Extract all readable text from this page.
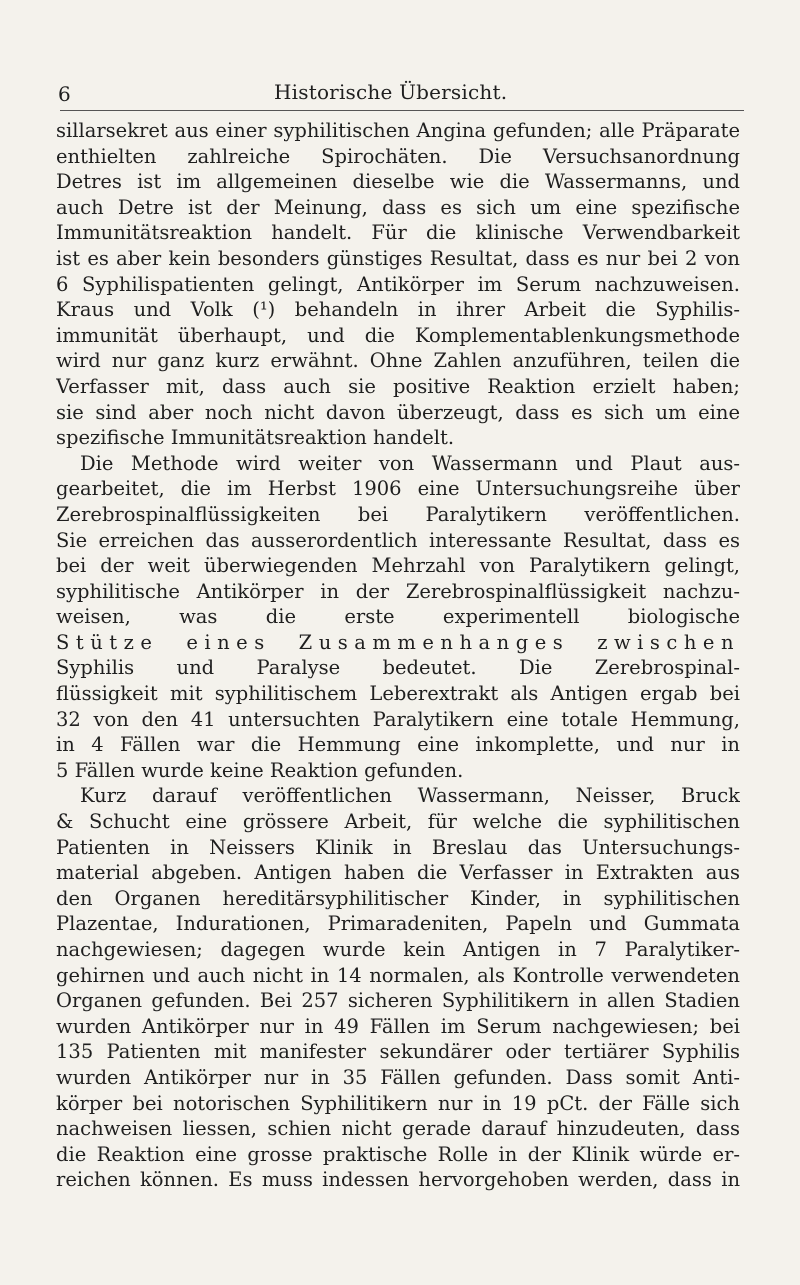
6	Historische Übersicht.
sillarsekret aus einer syphilitischen Angina gefunden; alle Präparate
enthielten zahlreiche Spirochäten. Die Versuchsanordnung
Detres ist im allgemeinen dieselbe wie die Wassermanns, und
auch Detre ist der Meinung, dass es sich um eine spezifische
Immunitätsreaktion handelt. Für die klinische Verwendbarkeit
ist es aber kein besonders günstiges Resultat, dass es nur bei 2 von
6 Syphilispatienten gelingt, Antikörper im Serum nachzuweisen.
Kraus und Volk (¹) behandeln in ihrer Arbeit die Syphilis-
immunität überhaupt, und die Komplementablenkungsmethode
wird nur ganz kurz erwähnt. Ohne Zahlen anzuführen, teilen die
Verfasser mit, dass auch sie positive Reaktion erzielt haben;
sie sind aber noch nicht davon überzeugt, dass es sich um eine
spezifische Immunitätsreaktion handelt.
Die Methode wird weiter von Wassermann und Plaut aus-
gearbeitet, die im Herbst 1906 eine Untersuchungsreihe über
Zerebrospinalflüssigkeiten bei Paralytikern veröffentlichen.
Sie erreichen das ausserordentlich interessante Resultat, dass es
bei der weit überwiegenden Mehrzahl von Paralytikern gelingt,
syphilitische Antikörper in der Zerebrospinalflüssigkeit nachzu-
weisen, was die erste experimentell biologische
Stütze eines Zusammenhanges zwischen
Syphilis und Paralyse bedeutet. Die Zerebrospinal-
flüssigkeit mit syphilitischem Leberextrakt als Antigen ergab bei
32 von den 41 untersuchten Paralytikern eine totale Hemmung,
in 4 Fällen war die Hemmung eine inkomplette, und nur in
5 Fällen wurde keine Reaktion gefunden.
Kurz darauf veröffentlichen Wassermann, Neisser, Bruck
& Schucht eine grössere Arbeit, für welche die syphilitischen
Patienten in Neissers Klinik in Breslau das Untersuchungs-
material abgeben. Antigen haben die Verfasser in Extrakten aus
den Organen hereditärsyphilitischer Kinder, in syphilitischen
Plazentae, Indurationen, Primaradeniten, Papeln und Gummata
nachgewiesen; dagegen wurde kein Antigen in 7 Paralytiker-
gehirnen und auch nicht in 14 normalen, als Kontrolle verwendeten
Organen gefunden. Bei 257 sicheren Syphilitikern in allen Stadien
wurden Antikörper nur in 49 Fällen im Serum nachgewiesen; bei
135 Patienten mit manifester sekundärer oder tertiärer Syphilis
wurden Antikörper nur in 35 Fällen gefunden. Dass somit Anti-
körper bei notorischen Syphilitikern nur in 19 pCt. der Fälle sich
nachweisen liessen, schien nicht gerade darauf hinzudeuten, dass
die Reaktion eine grosse praktische Rolle in der Klinik würde er-
reichen können. Es muss indessen hervorgehoben werden, dass in
